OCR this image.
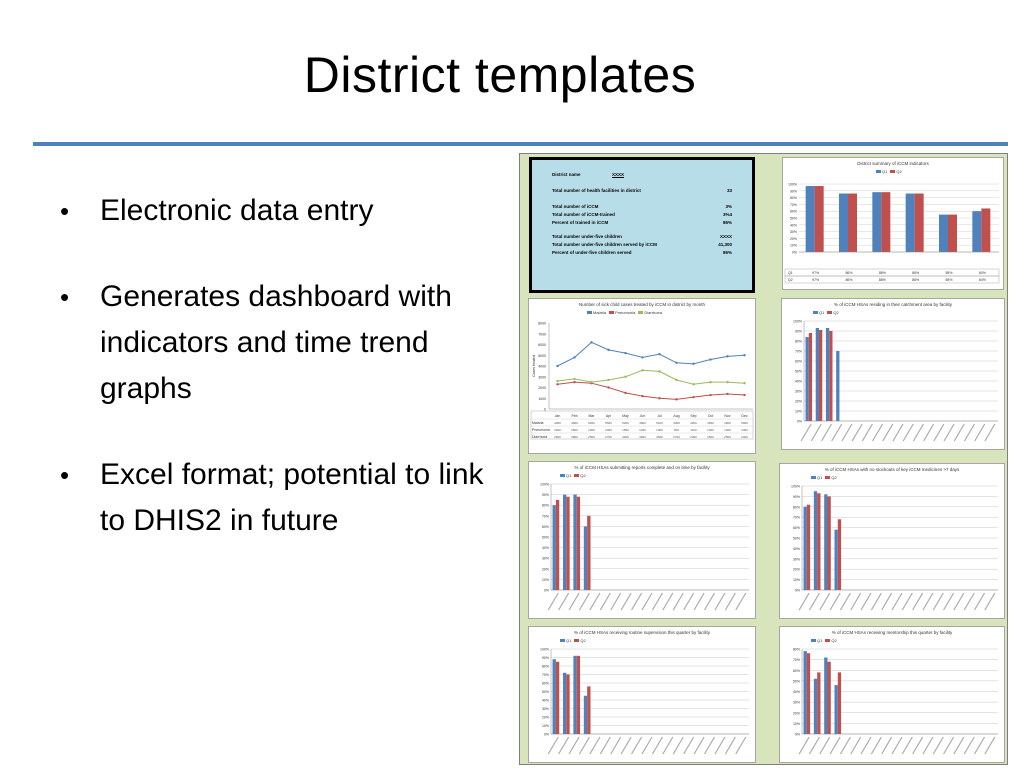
District templates
• Electronic data entry
• Generates dashboard with indicators and time trend graphs
• Excel format; potential to link to DHIS2 in future
District name	XXXX
Total number of health facilities in district	33
Total number of iCCM	3%
Total number of iCCM-trained	3%4
Percent of trained in iCCM	86%
Total number under-five children	XXXX
Total number under-five children served by iCCM	41,300
Percent of under-five children served	86%
District summary of iCCM indicators
Q1 Q2
0%
10%
20%
30%
40%
50%
60%
70%
80%
90%
100%
Q1	97%	86%	88%	86%	55%	60%
Q2	97%	86%	88%	86%	55%	64%
Number of sick child cases treated by iCCM in district by month
Malaria Pneumonia Diarrhoea
0
1000
2000
3000
4000
5000
6000
7000
8000
Cases treated
Jan	Feb	Mar	Apr	May	Jun	Jul	Aug	Sep	Oct	Nov	Dec
Malaria	4000	4800	6200	5500	5200	4800	5100	4300	4200	4600	4900	5000
Pneumonia 2300	2500	2400	2000	1500	1200	1000	900	1100	1300	1400	1300
Diarrhoea 2600	2800	2500	2700	3000	3600	3500	2700	2300	2500	2500	2400
% of iCCM HSAs residing in their catchment area by facility
Q1 Q2
0%
10%
20%
30%
40%
50%
60%
70%
80%
90%
100%
% of iCCM HSAs submitting reports complete and on time by facility
Q1 Q2
0%
10%
20%
30%
40%
50%
60%
70%
80%
90%
100%
% of iCCM HSAs with no stockouts of key iCCM medicines >7 days
Q1 Q2
0%
10%
20%
30%
40%
50%
60%
70%
80%
90%
100%
% of iCCM HSAs receiving routine supervision this quarter by facility
Q1 Q2
0%
10%
20%
30%
40%
50%
60%
70%
80%
90%
100%
% of iCCM HSAs receiving mentorship this quarter by facility
Q1 Q2
0%
10%
20%
30%
40%
50%
60%
70%
80%
